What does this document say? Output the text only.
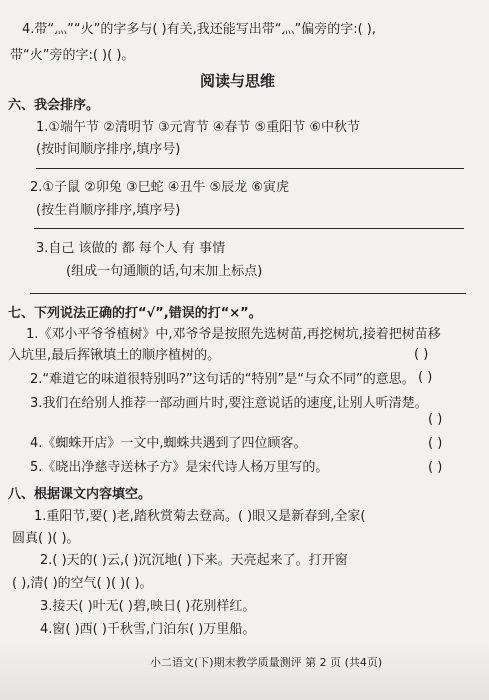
4.带“灬”“火”的字多与( )有关,我还能写出带“灬”偏旁的字:( ),
带“火”旁的字:( )( )。
阅读与思维
六、我会排序。
1.①端午节 ②清明节 ③元宵节 ④春节 ⑤重阳节 ⑥中秋节
(按时间顺序排序,填序号)
2.①子鼠 ②卯兔 ③巳蛇 ④丑牛 ⑤辰龙 ⑥寅虎
(按生肖顺序排序,填序号)
3.自己 该做的 都 每个人 有 事情
(组成一句通顺的话,句末加上标点)
七、下列说法正确的打“√”,错误的打“×”。
1.《邓小平爷爷植树》中,邓爷爷是按照先选树苗,再挖树坑,接着把树苗移
入坑里,最后挥锹填土的顺序植树的。	( )
2.“难道它的味道很特别吗?”这句话的“特别”是“与众不同”的意思。 ( )
3.我们在给别人推荐一部动画片时,要注意说话的速度,让别人听清楚。
( )
4.《蜘蛛开店》一文中,蜘蛛共遇到了四位顾客。	( )
5.《晓出净慈寺送林子方》是宋代诗人杨万里写的。	( )
八、根据课文内容填空。
1.重阳节,要( )老,踏秋赏菊去登高。( )眼又是新春到,全家(
圆真( )( )。
2.( )天的( )云,( )沉沉地( )下来。天亮起来了。打开窗
( ),清( )的空气( )( )( )。
3.接天( )叶无( )碧,映日( )花别样红。
4.窗( )西( )千秋雪,门泊东( )万里船。
小二语文(下)期末教学质量测评 第 2 页 (共4页)
